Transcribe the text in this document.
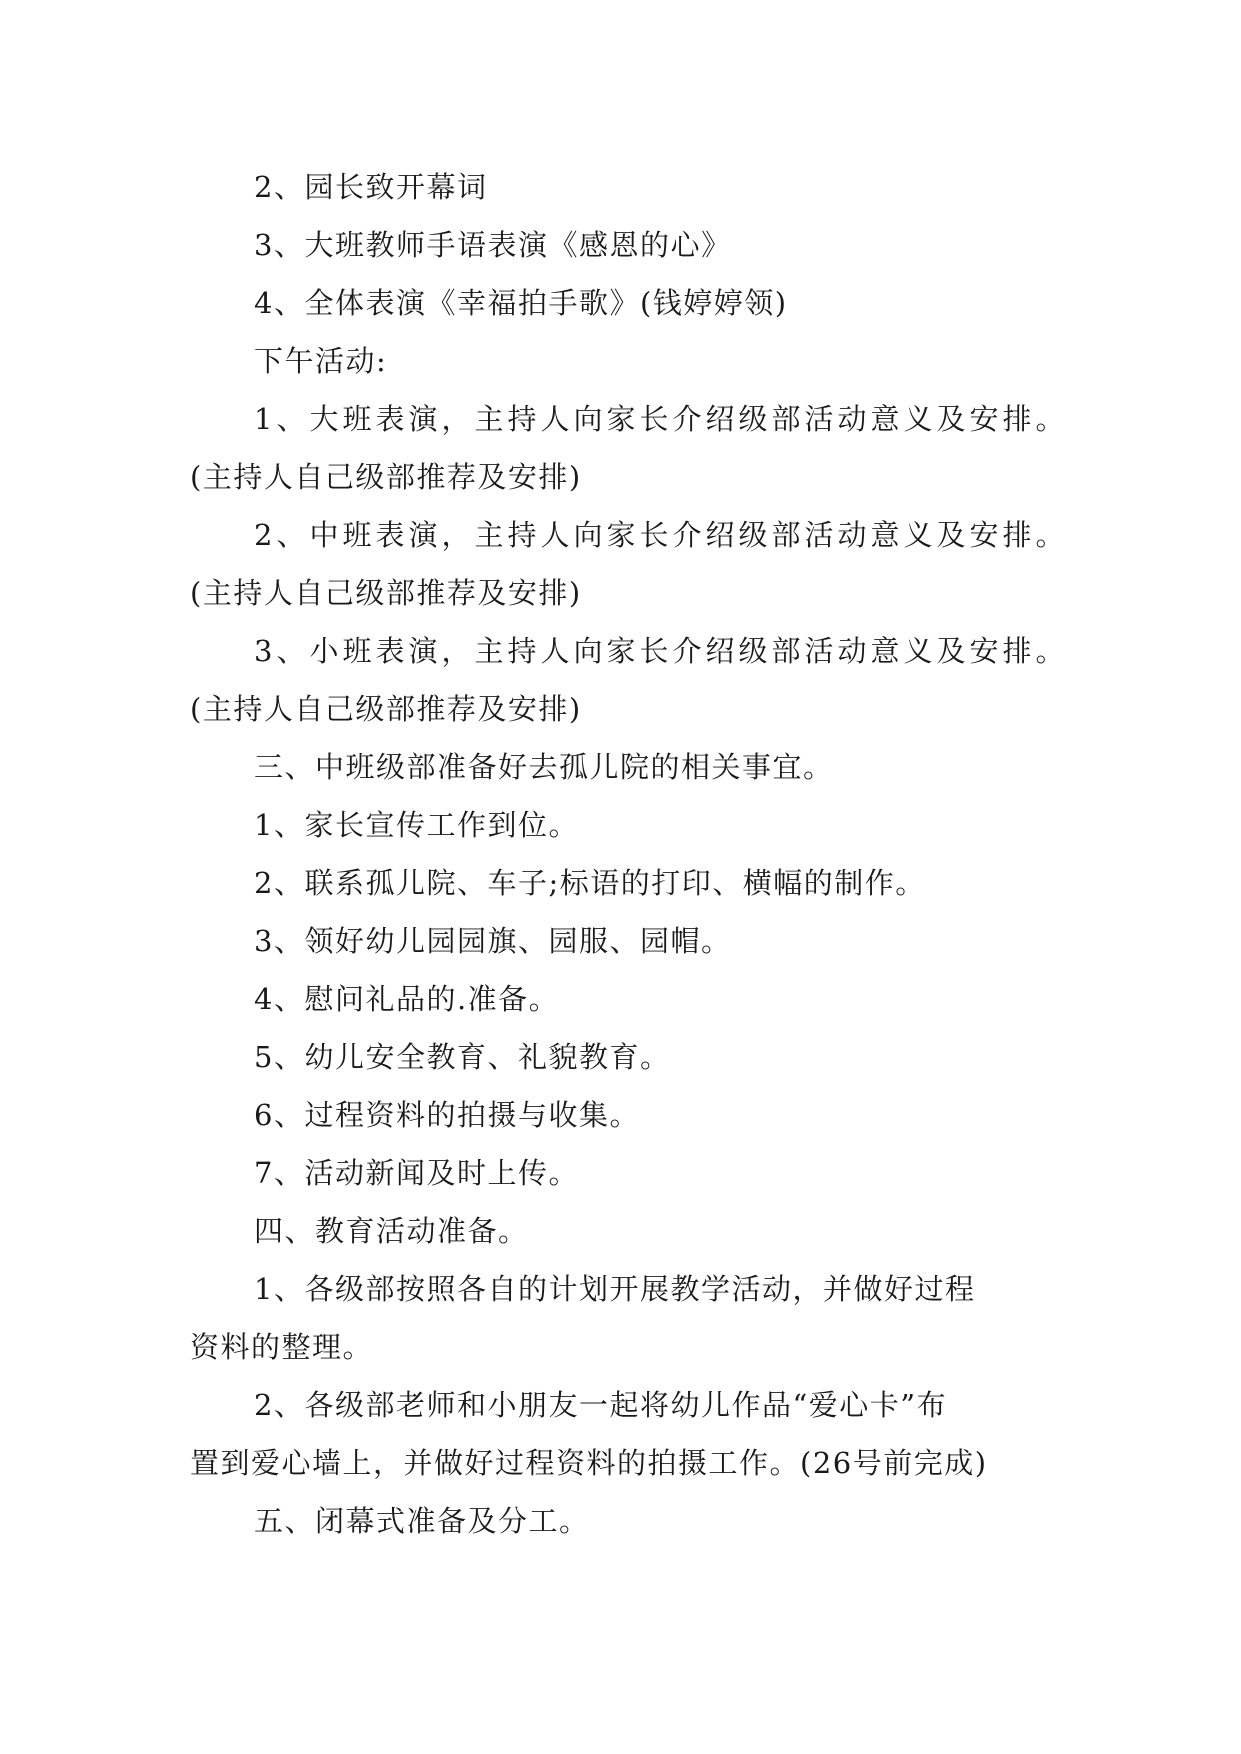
2、园长致开幕词

3、大班教师手语表演《感恩的心》

4、全体表演《幸福拍手歌》(钱婷婷领)

下午活动:

1、大班表演，主持人向家长介绍级部活动意义及安排。

(主持人自己级部推荐及安排)

2、中班表演，主持人向家长介绍级部活动意义及安排。

(主持人自己级部推荐及安排)

3、小班表演，主持人向家长介绍级部活动意义及安排。

(主持人自己级部推荐及安排)

三、中班级部准备好去孤儿院的相关事宜。

1、家长宣传工作到位。

2、联系孤儿院、车子;标语的打印、横幅的制作。

3、领好幼儿园园旗、园服、园帽。

4、慰问礼品的.准备。

5、幼儿安全教育、礼貌教育。

6、过程资料的拍摄与收集。

7、活动新闻及时上传。

四、教育活动准备。

1、各级部按照各自的计划开展教学活动，并做好过程

资料的整理。

2、各级部老师和小朋友一起将幼儿作品“爱心卡”布

置到爱心墙上，并做好过程资料的拍摄工作。(26号前完成)

五、闭幕式准备及分工。
